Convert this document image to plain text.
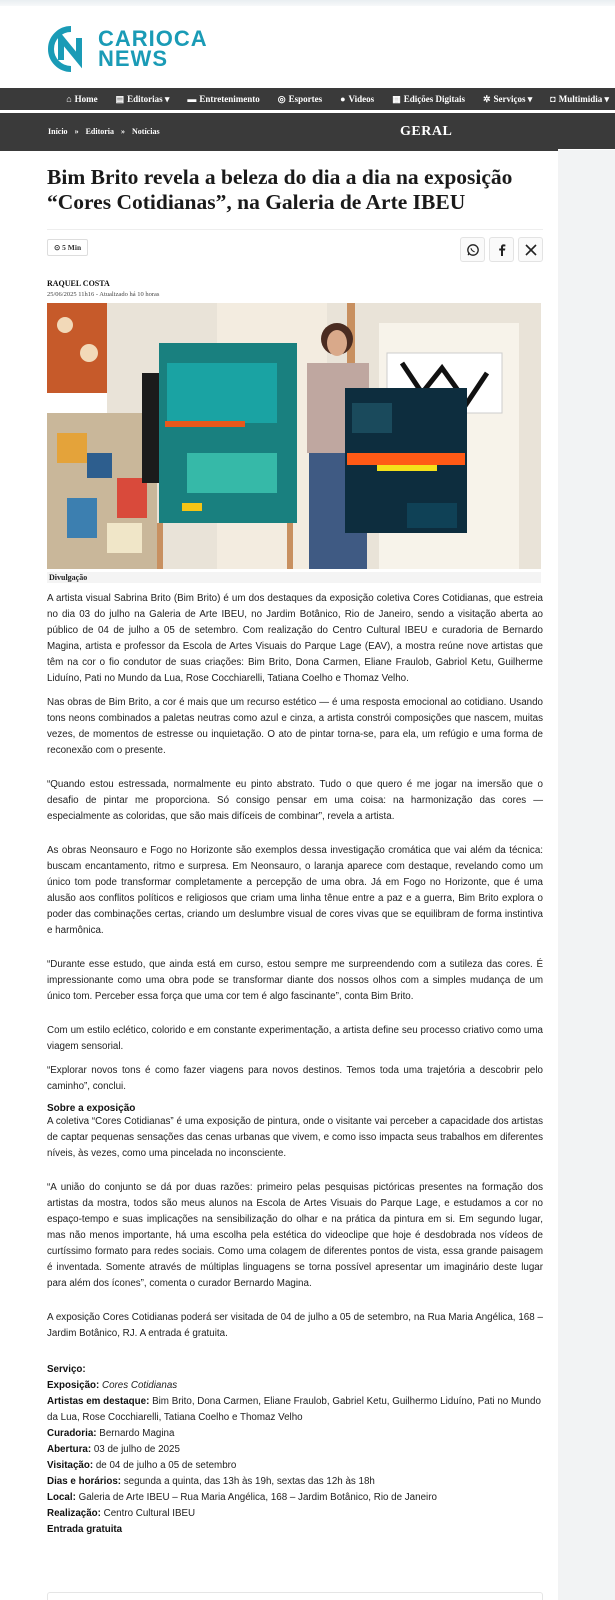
CARIOCA
NEWS
⌂ Home ▤ Editorias ▾ ▬ Entretenimento ◎ Esportes ● Videos ▦ Edições Digitais ✲ Serviços ▾ ◘ Multimidia ▾
Início » Editoria » Notícias	GERAL
Bim Brito revela a beleza do dia a dia na exposição “Cores Cotidianas”, na Galeria de Arte IBEU
⊙ 5 Min
RAQUEL COSTA
25/06/2025 11h16 - Atualizado há 10 horas
Divulgação

A artista visual Sabrina Brito (Bim Brito) é um dos destaques da exposição coletiva Cores Cotidianas, que estreia no dia 03 do julho na Galeria de Arte IBEU, no Jardim Botânico, Rio de Janeiro, sendo a visitação aberta ao público de 04 de julho a 05 de setembro. Com realização do Centro Cultural IBEU e curadoria de Bernardo Magina, artista e professor da Escola de Artes Visuais do Parque Lage (EAV), a mostra reúne nove artistas que têm na cor o fio condutor de suas criações: Bim Brito, Dona Carmen, Eliane Fraulob, Gabriol Ketu, Guilherme Liduíno, Pati no Mundo da Lua, Rose Cocchiarelli, Tatiana Coelho e Thomaz Velho.

Nas obras de Bim Brito, a cor é mais que um recurso estético — é uma resposta emocional ao cotidiano. Usando tons neons combinados a paletas neutras como azul e cinza, a artista constrói composições que nascem, muitas vezes, de momentos de estresse ou inquietação. O ato de pintar torna-se, para ela, um refúgio e uma forma de reconexão com o presente.

“Quando estou estressada, normalmente eu pinto abstrato. Tudo o que quero é me jogar na imersão que o desafio de pintar me proporciona. Só consigo pensar em uma coisa: na harmonização das cores — especialmente as coloridas, que são mais difíceis de combinar”, revela a artista.

As obras Neonsauro e Fogo no Horizonte são exemplos dessa investigação cromática que vai além da técnica: buscam encantamento, ritmo e surpresa. Em Neonsauro, o laranja aparece com destaque, revelando como um único tom pode transformar completamente a percepção de uma obra. Já em Fogo no Horizonte, que é uma alusão aos conflitos políticos e religiosos que criam uma linha tênue entre a paz e a guerra, Bim Brito explora o poder das combinações certas, criando um deslumbre visual de cores vivas que se equilibram de forma instintiva e harmônica.

“Durante esse estudo, que ainda está em curso, estou sempre me surpreendendo com a sutileza das cores. É impressionante como uma obra pode se transformar diante dos nossos olhos com a simples mudança de um único tom. Perceber essa força que uma cor tem é algo fascinante”, conta Bim Brito.

Com um estilo eclético, colorido e em constante experimentação, a artista define seu processo criativo como uma viagem sensorial.

“Explorar novos tons é como fazer viagens para novos destinos. Temos toda uma trajetória a descobrir pelo caminho”, conclui.

Sobre a exposição

A coletiva “Cores Cotidianas” é uma exposição de pintura, onde o visitante vai perceber a capacidade dos artistas de captar pequenas sensações das cenas urbanas que vivem, e como isso impacta seus trabalhos em diferentes níveis, às vezes, como uma pincelada no inconsciente.

“A união do conjunto se dá por duas razões: primeiro pelas pesquisas pictóricas presentes na formação dos artistas da mostra, todos são meus alunos na Escola de Artes Visuais do Parque Lage, e estudamos a cor no espaço-tempo e suas implicações na sensibilização do olhar e na prática da pintura em si. Em segundo lugar, mas não menos importante, há uma escolha pela estética do videoclipe que hoje é desdobrada nos vídeos de curtíssimo formato para redes sociais. Como uma colagem de diferentes pontos de vista, essa grande paisagem é inventada. Somente através de múltiplas linguagens se torna possível apresentar um imaginário deste lugar para além dos ícones”, comenta o curador Bernardo Magina.

A exposição Cores Cotidianas poderá ser visitada de 04 de julho a 05 de setembro, na Rua Maria Angélica, 168 – Jardim Botânico, RJ. A entrada é gratuita.

Serviço:
Exposição: Cores Cotidianas
Artistas em destaque: Bim Brito, Dona Carmen, Eliane Fraulob, Gabriel Ketu, Guilhermo Liduíno, Pati no Mundo da Lua, Rose Cocchiarelli, Tatiana Coelho e Thomaz Velho
Curadoria: Bernardo Magina
Abertura: 03 de julho de 2025
Visitação: de 04 de julho a 05 de setembro
Dias e horários: segunda a quinta, das 13h às 19h, sextas das 12h às 18h
Local: Galeria de Arte IBEU – Rua Maria Angélica, 168 – Jardim Botânico, Rio de Janeiro
Realização: Centro Cultural IBEU
Entrada gratuita
